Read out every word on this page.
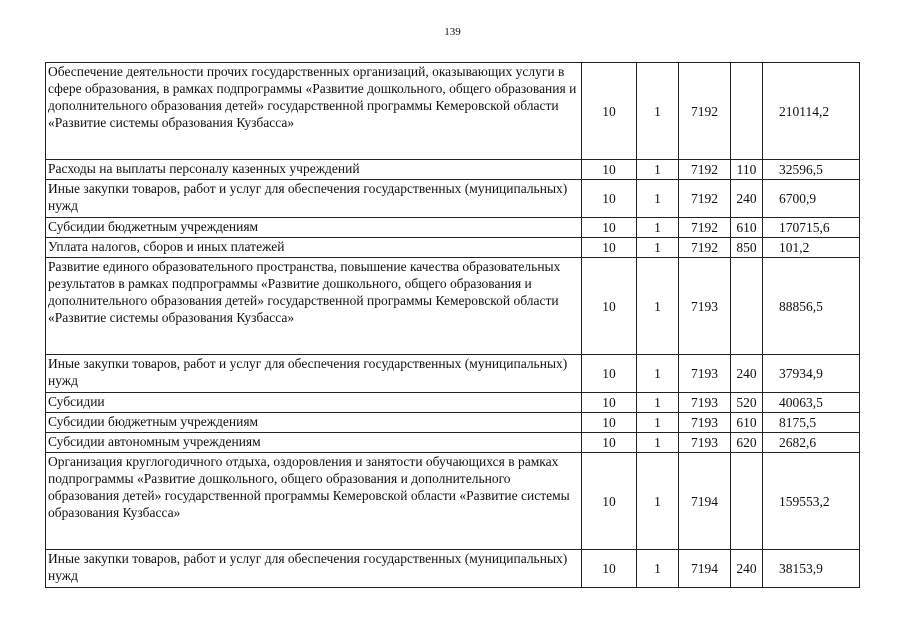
139
Обеспечение деятельности прочих государственных организаций, оказывающих услуги в сфере образования, в рамках подпрограммы «Развитие дошкольного, общего образования и дополнительного образования детей» государственной программы Кемеровской области «Развитие системы образования Кузбасса»	10	1	7192		210114,2
Расходы на выплаты персоналу казенных учреждений	10	1	7192	110	32596,5
Иные закупки товаров, работ и услуг для обеспечения государственных (муниципальных) нужд	10	1	7192	240	6700,9
Субсидии бюджетным учреждениям	10	1	7192	610	170715,6
Уплата налогов, сборов и иных платежей	10	1	7192	850	101,2
Развитие единого образовательного пространства, повышение качества образовательных результатов в рамках подпрограммы «Развитие дошкольного, общего образования и дополнительного образования детей» государственной программы Кемеровской области «Развитие системы образования Кузбасса»	10	1	7193		88856,5
Иные закупки товаров, работ и услуг для обеспечения государственных (муниципальных) нужд	10	1	7193	240	37934,9
Субсидии	10	1	7193	520	40063,5
Субсидии бюджетным учреждениям	10	1	7193	610	8175,5
Субсидии автономным учреждениям	10	1	7193	620	2682,6
Организация круглогодичного отдыха, оздоровления и занятости обучающихся в рамках подпрограммы «Развитие дошкольного, общего образования и дополнительного образования детей» государственной программы Кемеровской области «Развитие системы образования Кузбасса»	10	1	7194		159553,2
Иные закупки товаров, работ и услуг для обеспечения государственных (муниципальных) нужд	10	1	7194	240	38153,9
